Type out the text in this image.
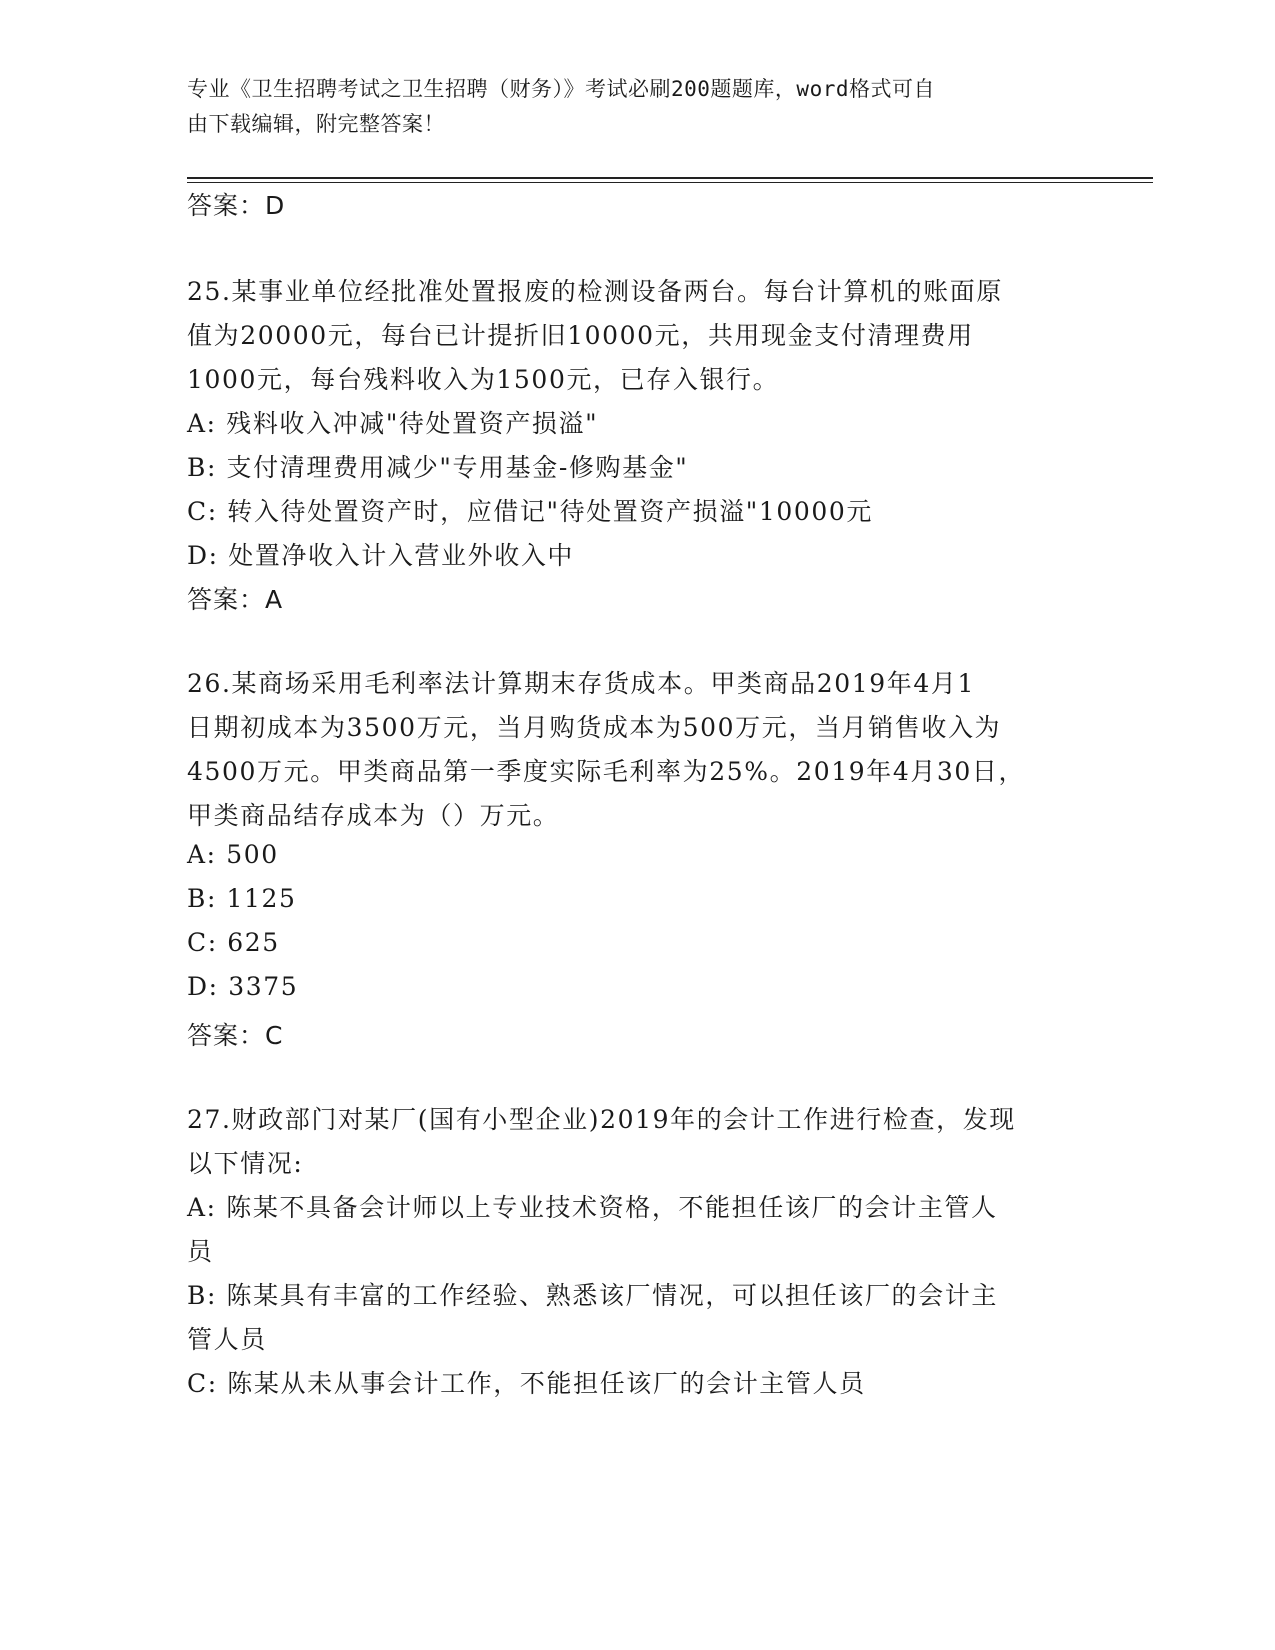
专业《卫生招聘考试之卫生招聘（财务）》考试必刷200题题库，word格式可自
由下载编辑，附完整答案！
答案：D
25.某事业单位经批准处置报废的检测设备两台。每台计算机的账面原
值为20000元，每台已计提折旧10000元，共用现金支付清理费用
1000元，每台残料收入为1500元，已存入银行。
A: 残料收入冲减"待处置资产损溢"
B: 支付清理费用减少"专用基金-修购基金"
C: 转入待处置资产时，应借记"待处置资产损溢"10000元
D: 处置净收入计入营业外收入中
答案：A
26.某商场采用毛利率法计算期末存货成本。甲类商品2019年4月1
日期初成本为3500万元，当月购货成本为500万元，当月销售收入为
4500万元。甲类商品第一季度实际毛利率为25%。2019年4月30日，
甲类商品结存成本为（）万元。
A: 500
B: 1125
C: 625
D: 3375
答案：C
27.财政部门对某厂(国有小型企业)2019年的会计工作进行检查，发现
以下情况:
A: 陈某不具备会计师以上专业技术资格，不能担任该厂的会计主管人
员
B: 陈某具有丰富的工作经验、熟悉该厂情况，可以担任该厂的会计主
管人员
C: 陈某从未从事会计工作，不能担任该厂的会计主管人员
